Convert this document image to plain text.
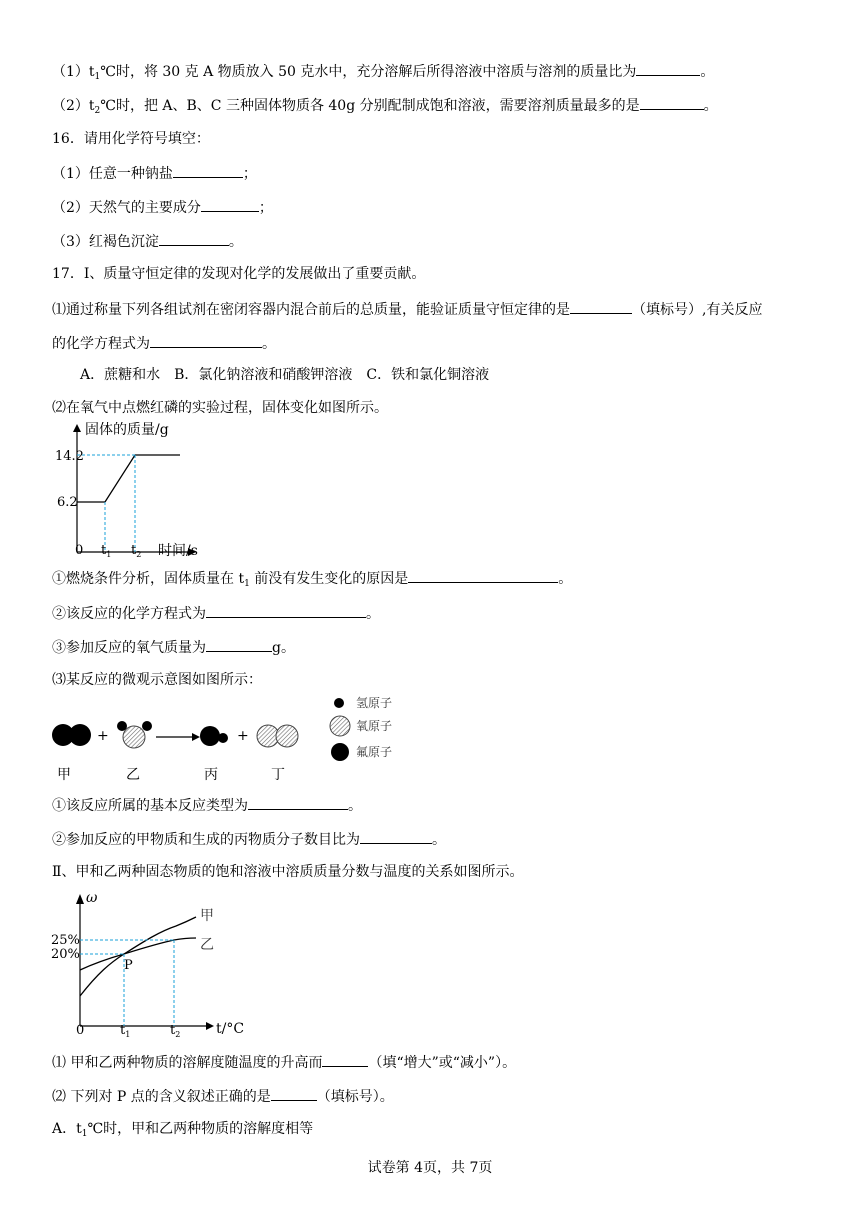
$(1)t_1℃$时，将 30 克 A 物质放入 50 克水中，充分溶解后所得溶液中溶质与溶剂的质量比为	。
$(2)t_2℃$时，把 A、B、C 三种固体物质各 40g 分别配制成饱和溶液，需要溶剂质量最多的是	。
16．请用化学符号填空：
（1）任意一种钠盐	；
（2）天然气的主要成分	；
（3）红褐色沉淀	。
17．Ⅰ、质量守恒定律的发现对化学的发展做出了重要贡献。
⑴通过称量下列各组试剂在密闭容器内混合前后的总质量，能验证质量守恒定律的是	（填标号）,有关反应
的化学方程式为	。
A．蔗糖和水　B．氯化钠溶液和硝酸钾溶液　C．铁和氯化铜溶液
⑵在氧气中点燃红磷的实验过程，固体变化如图所示。
固体的质量/g
14.2
6.2
0 $t_1$ $t_2$ 时间/s
①燃烧条件分析，固体质量在 $t_1$ 前没有发生变化的原因是	。
②该反应的化学方程式为	。
③参加反应的氧气质量为	g。
⑶某反应的微观示意图如图所示：
+	+
甲	乙	丙	丁
氢原子
氧原子
氟原子
①该反应所属的基本反应类型为	。
②参加反应的甲物质和生成的丙物质分子数目比为	。
Ⅱ、甲和乙两种固态物质的饱和溶液中溶质质量分数与温度的关系如图所示。
ω
25%
20%
0	$t_1$	$t_2$	t/°C
甲
乙
P
⑴ 甲和乙两种物质的溶解度随温度的升高而	（填“增大”或“减小”）。
⑵ 下列对 P 点的含义叙述正确的是	（填标号）。
A．$t_1℃$时，甲和乙两种物质的溶解度相等
试卷第 4页，共 7页
